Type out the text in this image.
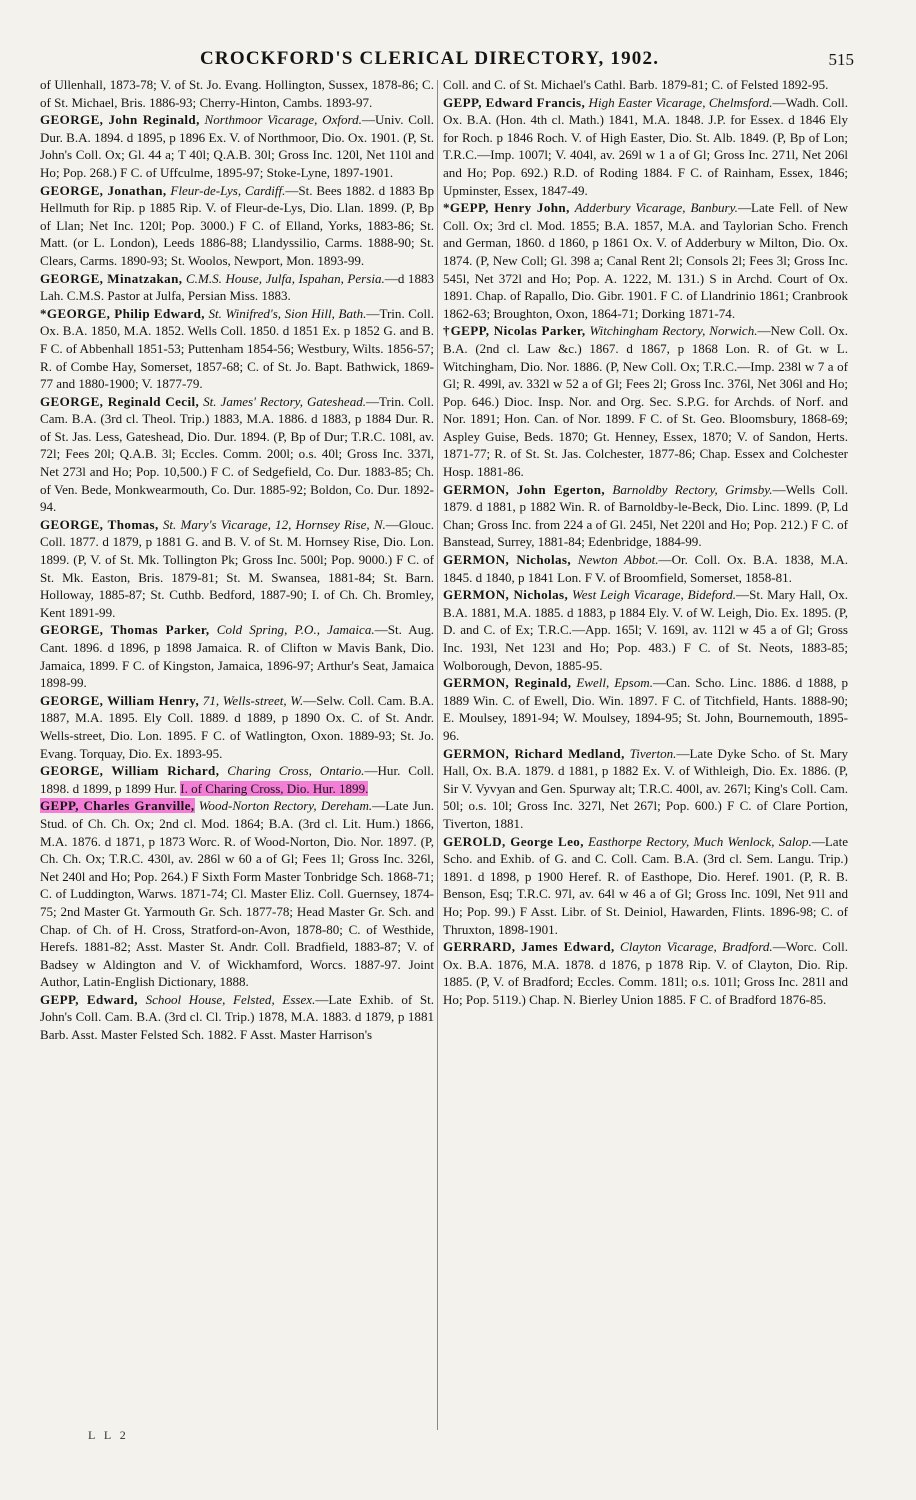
CROCKFORD'S CLERICAL DIRECTORY, 1902.	515

of Ullenhall, 1873-78; V. of St. Jo. Evang. Hollington, Sussex, 1878-86; C. of St. Michael, Bris. 1886-93; Cherry-Hinton, Cambs. 1893-97.

GEORGE, John Reginald, Northmoor Vicarage, Oxford.—Univ. Coll. Dur. B.A. 1894. d 1895, p 1896 Ex. V. of Northmoor, Dio. Ox. 1901. (P, St. John's Coll. Ox; Gl. 44 a; T 40l; Q.A.B. 30l; Gross Inc. 120l, Net 110l and Ho; Pop. 268.) F C. of Uffculme, 1895-97; Stoke-Lyne, 1897-1901.

GEORGE, Jonathan, Fleur-de-Lys, Cardiff.—St. Bees 1882. d 1883 Bp Hellmuth for Rip. p 1885 Rip. V. of Fleur-de-Lys, Dio. Llan. 1899. (P, Bp of Llan; Net Inc. 120l; Pop. 3000.) F C. of Elland, Yorks, 1883-86; St. Matt. (or L. London), Leeds 1886-88; Llandyssilio, Carms. 1888-90; St. Clears, Carms. 1890-93; St. Woolos, Newport, Mon. 1893-99.

GEORGE, Minatzakan, C.M.S. House, Julfa, Ispahan, Persia.—d 1883 Lah. C.M.S. Pastor at Julfa, Persian Miss. 1883.

*GEORGE, Philip Edward, St. Winifred's, Sion Hill, Bath.—Trin. Coll. Ox. B.A. 1850, M.A. 1852. Wells Coll. 1850. d 1851 Ex. p 1852 G. and B. F C. of Abbenhall 1851-53; Puttenham 1854-56; Westbury, Wilts. 1856-57; R. of Combe Hay, Somerset, 1857-68; C. of St. Jo. Bapt. Bathwick, 1869-77 and 1880-1900; V. 1877-79.

GEORGE, Reginald Cecil, St. James' Rectory, Gateshead.—Trin. Coll. Cam. B.A. (3rd cl. Theol. Trip.) 1883, M.A. 1886. d 1883, p 1884 Dur. R. of St. Jas. Less, Gateshead, Dio. Dur. 1894. (P, Bp of Dur; T.R.C. 108l, av. 72l; Fees 20l; Q.A.B. 3l; Eccles. Comm. 200l; o.s. 40l; Gross Inc. 337l, Net 273l and Ho; Pop. 10,500.) F C. of Sedgefield, Co. Dur. 1883-85; Ch. of Ven. Bede, Monkwearmouth, Co. Dur. 1885-92; Boldon, Co. Dur. 1892-94.

GEORGE, Thomas, St. Mary's Vicarage, 12, Hornsey Rise, N.—Glouc. Coll. 1877. d 1879, p 1881 G. and B. V. of St. M. Hornsey Rise, Dio. Lon. 1899. (P, V. of St. Mk. Tollington Pk; Gross Inc. 500l; Pop. 9000.) F C. of St. Mk. Easton, Bris. 1879-81; St. M. Swansea, 1881-84; St. Barn. Holloway, 1885-87; St. Cuthb. Bedford, 1887-90; I. of Ch. Ch. Bromley, Kent 1891-99.

GEORGE, Thomas Parker, Cold Spring, P.O., Jamaica.—St. Aug. Cant. 1896. d 1896, p 1898 Jamaica. R. of Clifton w Mavis Bank, Dio. Jamaica, 1899. F C. of Kingston, Jamaica, 1896-97; Arthur's Seat, Jamaica 1898-99.

GEORGE, William Henry, 71, Wells-street, W.—Selw. Coll. Cam. B.A. 1887, M.A. 1895. Ely Coll. 1889. d 1889, p 1890 Ox. C. of St. Andr. Wells-street, Dio. Lon. 1895. F C. of Watlington, Oxon. 1889-93; St. Jo. Evang. Torquay, Dio. Ex. 1893-95.

GEORGE, William Richard, Charing Cross, Ontario.—Hur. Coll. 1898. d 1899, p 1899 Hur. I. of Charing Cross, Dio. Hur. 1899.

GEPP, Charles Granville, Wood-Norton Rectory, Dereham.—Late Jun. Stud. of Ch. Ch. Ox; 2nd cl. Mod. 1864; B.A. (3rd cl. Lit. Hum.) 1866, M.A. 1876. d 1871, p 1873 Worc. R. of Wood-Norton, Dio. Nor. 1897. (P, Ch. Ch. Ox; T.R.C. 430l, av. 286l w 60 a of Gl; Fees 1l; Gross Inc. 326l, Net 240l and Ho; Pop. 264.) F Sixth Form Master Tonbridge Sch. 1868-71; C. of Luddington, Warws. 1871-74; Cl. Master Eliz. Coll. Guernsey, 1874-75; 2nd Master Gt. Yarmouth Gr. Sch. 1877-78; Head Master Gr. Sch. and Chap. of Ch. of H. Cross, Stratford-on-Avon, 1878-80; C. of Westhide, Herefs. 1881-82; Asst. Master St. Andr. Coll. Bradfield, 1883-87; V. of Badsey w Aldington and V. of Wickhamford, Worcs. 1887-97. Joint Author, Latin-English Dictionary, 1888.

GEPP, Edward, School House, Felsted, Essex.—Late Exhib. of St. John's Coll. Cam. B.A. (3rd cl. Cl. Trip.) 1878, M.A. 1883. d 1879, p 1881 Barb. Asst. Master Felsted Sch. 1882. F Asst. Master Harrison's

Coll. and C. of St. Michael's Cathl. Barb. 1879-81; C. of Felsted 1892-95.

GEPP, Edward Francis, High Easter Vicarage, Chelmsford.—Wadh. Coll. Ox. B.A. (Hon. 4th cl. Math.) 1841, M.A. 1848. J.P. for Essex. d 1846 Ely for Roch. p 1846 Roch. V. of High Easter, Dio. St. Alb. 1849. (P, Bp of Lon; T.R.C.—Imp. 1007l; V. 404l, av. 269l w 1 a of Gl; Gross Inc. 271l, Net 206l and Ho; Pop. 692.) R.D. of Roding 1884. F C. of Rainham, Essex, 1846; Upminster, Essex, 1847-49.

*GEPP, Henry John, Adderbury Vicarage, Banbury.—Late Fell. of New Coll. Ox; 3rd cl. Mod. 1855; B.A. 1857, M.A. and Taylorian Scho. French and German, 1860. d 1860, p 1861 Ox. V. of Adderbury w Milton, Dio. Ox. 1874. (P, New Coll; Gl. 398 a; Canal Rent 2l; Consols 2l; Fees 3l; Gross Inc. 545l, Net 372l and Ho; Pop. A. 1222, M. 131.) S in Archd. Court of Ox. 1891. Chap. of Rapallo, Dio. Gibr. 1901. F C. of Llandrinio 1861; Cranbrook 1862-63; Broughton, Oxon, 1864-71; Dorking 1871-74.

†GEPP, Nicolas Parker, Witchingham Rectory, Norwich.—New Coll. Ox. B.A. (2nd cl. Law &c.) 1867. d 1867, p 1868 Lon. R. of Gt. w L. Witchingham, Dio. Nor. 1886. (P, New Coll. Ox; T.R.C.—Imp. 238l w 7 a of Gl; R. 499l, av. 332l w 52 a of Gl; Fees 2l; Gross Inc. 376l, Net 306l and Ho; Pop. 646.) Dioc. Insp. Nor. and Org. Sec. S.P.G. for Archds. of Norf. and Nor. 1891; Hon. Can. of Nor. 1899. F C. of St. Geo. Bloomsbury, 1868-69; Aspley Guise, Beds. 1870; Gt. Henney, Essex, 1870; V. of Sandon, Herts. 1871-77; R. of St. St. Jas. Colchester, 1877-86; Chap. Essex and Colchester Hosp. 1881-86.

GERMON, John Egerton, Barnoldby Rectory, Grimsby.—Wells Coll. 1879. d 1881, p 1882 Win. R. of Barnoldby-le-Beck, Dio. Linc. 1899. (P, Ld Chan; Gross Inc. from 224 a of Gl. 245l, Net 220l and Ho; Pop. 212.) F C. of Banstead, Surrey, 1881-84; Edenbridge, 1884-99.

GERMON, Nicholas, Newton Abbot.—Or. Coll. Ox. B.A. 1838, M.A. 1845. d 1840, p 1841 Lon. F V. of Broomfield, Somerset, 1858-81.

GERMON, Nicholas, West Leigh Vicarage, Bideford.—St. Mary Hall, Ox. B.A. 1881, M.A. 1885. d 1883, p 1884 Ely. V. of W. Leigh, Dio. Ex. 1895. (P, D. and C. of Ex; T.R.C.—App. 165l; V. 169l, av. 112l w 45 a of Gl; Gross Inc. 193l, Net 123l and Ho; Pop. 483.) F C. of St. Neots, 1883-85; Wolborough, Devon, 1885-95.

GERMON, Reginald, Ewell, Epsom.—Can. Scho. Linc. 1886. d 1888, p 1889 Win. C. of Ewell, Dio. Win. 1897. F C. of Titchfield, Hants. 1888-90; E. Moulsey, 1891-94; W. Moulsey, 1894-95; St. John, Bournemouth, 1895-96.

GERMON, Richard Medland, Tiverton.—Late Dyke Scho. of St. Mary Hall, Ox. B.A. 1879. d 1881, p 1882 Ex. V. of Withleigh, Dio. Ex. 1886. (P, Sir V. Vyvyan and Gen. Spurway alt; T.R.C. 400l, av. 267l; King's Coll. Cam. 50l; o.s. 10l; Gross Inc. 327l, Net 267l; Pop. 600.) F C. of Clare Portion, Tiverton, 1881.

GEROLD, George Leo, Easthorpe Rectory, Much Wenlock, Salop.—Late Scho. and Exhib. of G. and C. Coll. Cam. B.A. (3rd cl. Sem. Langu. Trip.) 1891. d 1898, p 1900 Heref. R. of Easthope, Dio. Heref. 1901. (P, R. B. Benson, Esq; T.R.C. 97l, av. 64l w 46 a of Gl; Gross Inc. 109l, Net 91l and Ho; Pop. 99.) F Asst. Libr. of St. Deiniol, Hawarden, Flints. 1896-98; C. of Thruxton, 1898-1901.

GERRARD, James Edward, Clayton Vicarage, Bradford.—Worc. Coll. Ox. B.A. 1876, M.A. 1878. d 1876, p 1878 Rip. V. of Clayton, Dio. Rip. 1885. (P, V. of Bradford; Eccles. Comm. 181l; o.s. 101l; Gross Inc. 281l and Ho; Pop. 5119.) Chap. N. Bierley Union 1885. F C. of Bradford 1876-85.

L L 2
